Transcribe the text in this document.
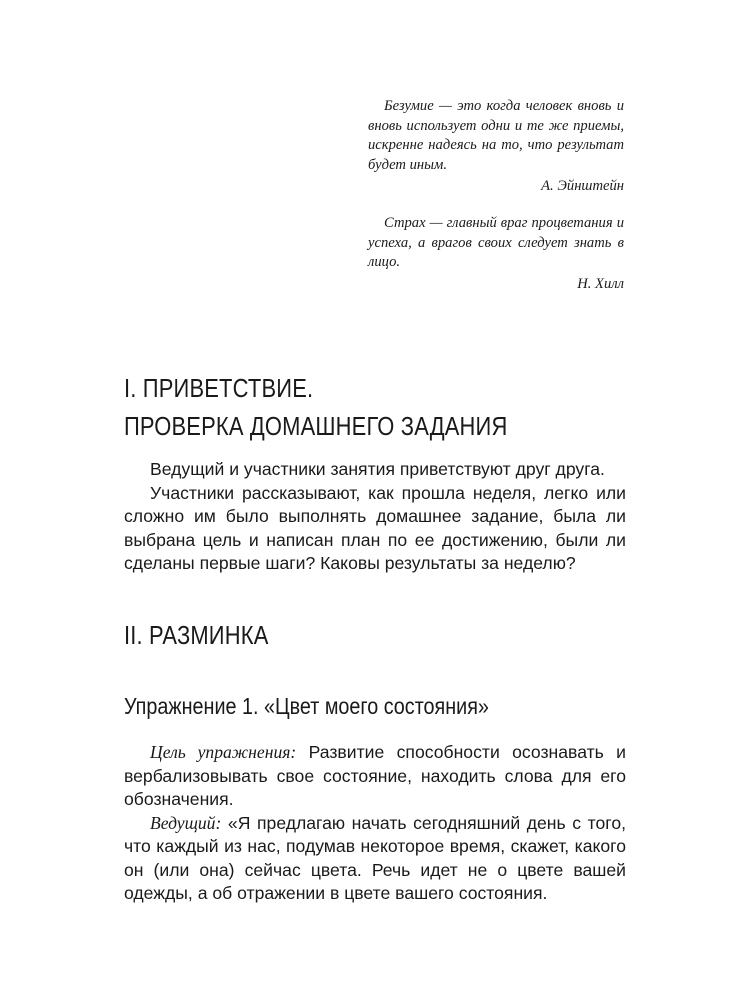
Безумие — это когда человек вновь и вновь использует одни и те же приемы, искренне надеясь на то, что результат будет иным.

А. Эйнштейн

Страх — главный враг процветания и успеха, а врагов своих следует знать в лицо.

Н. Хилл
I. ПРИВЕТСТВИЕ.
ПРОВЕРКА ДОМАШНЕГО ЗАДАНИЯ

Ведущий и участники занятия приветствуют друг друга.

Участники рассказывают, как прошла неделя, легко или сложно им было выполнять домашнее задание, была ли выбрана цель и написан план по ее достижению, были ли сделаны первые шаги? Каковы результаты за неделю?

II. РАЗМИНКА
Упражнение 1. «Цвет моего состояния»

Цель упражнения: Развитие способности осознавать и вербализовывать свое состояние, находить слова для его обозначения.

Ведущий: «Я предлагаю начать сегодняшний день с того, что каждый из нас, подумав некоторое время, скажет, какого он (или она) сейчас цвета. Речь идет не о цвете вашей одежды, а об отражении в цвете вашего состояния.
